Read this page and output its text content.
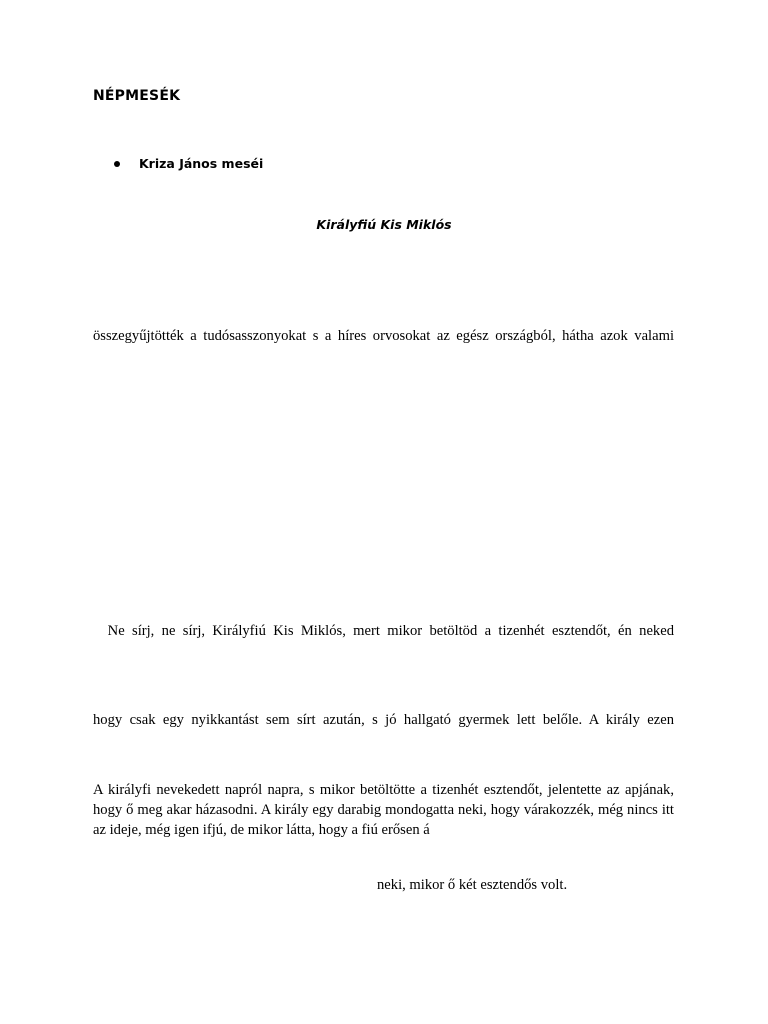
NÉPMESÉK
Kriza János meséi
Királyfiú Kis Miklós

összegyűjtötték a tudósasszonyokat s a híres orvosokat az egész országból, hátha azok valami

Ne sírj, ne sírj, Királyfiú Kis Miklós, mert mikor betöltöd a tizenhét esztendőt, én neked

hogy csak egy nyikkantást sem sírt azután, s jó hallgató gyermek lett belőle. A király ezen

A királyfi nevekedett napról napra, s mikor betöltötte a tizenhét esztendőt, jelentette az apjának, hogy ő meg akar házasodni. A király egy darabig mondogatta neki, hogy várakozzék, még nincs itt az ideje, még igen ifjú, de mikor látta, hogy a fiú erősen á

neki, mikor ő két esztendős volt.
